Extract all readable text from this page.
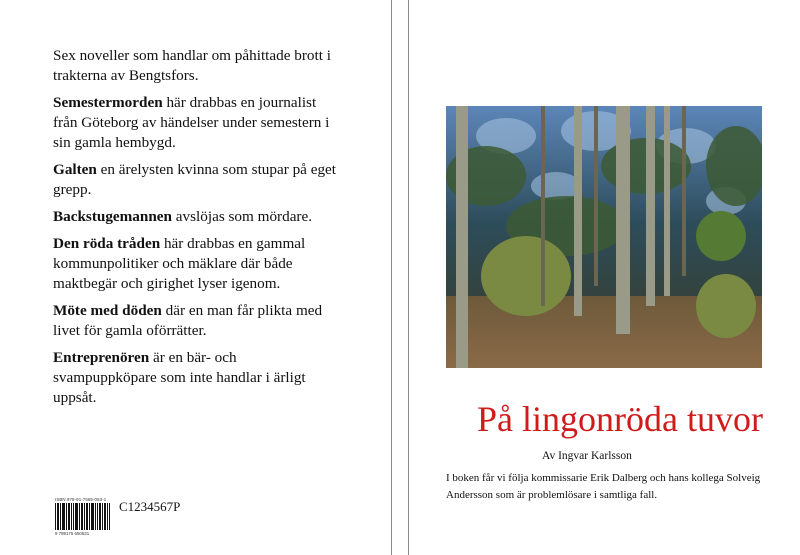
Sex noveller som handlar om påhittade brott i trakterna av Bengtsfors.

Semestermorden här drabbas en journalist från Göteborg av händelser under semestern i sin gamla hembygd.

Galten en ärelysten kvinna som stupar på eget grepp.

Backstugemannen avslöjas som mördare.

Den röda tråden här drabbas en gammal kommunpolitiker och mäklare där både maktbegär och girighet lyser igenom.

Möte med döden där en man får plikta med livet för gamla oförrätter.

Entreprenören är en bär- och svampuppköpare som inte handlar i ärligt uppsåt.

ISBN 978-91-7565-053-1
9 789175 650531
C1234567P
På lingonröda tuvor
Av Ingvar Karlsson
I boken får vi följa kommissarie Erik Dalberg och hans kollega Solveig Andersson som är problemlösare i samtliga fall.
